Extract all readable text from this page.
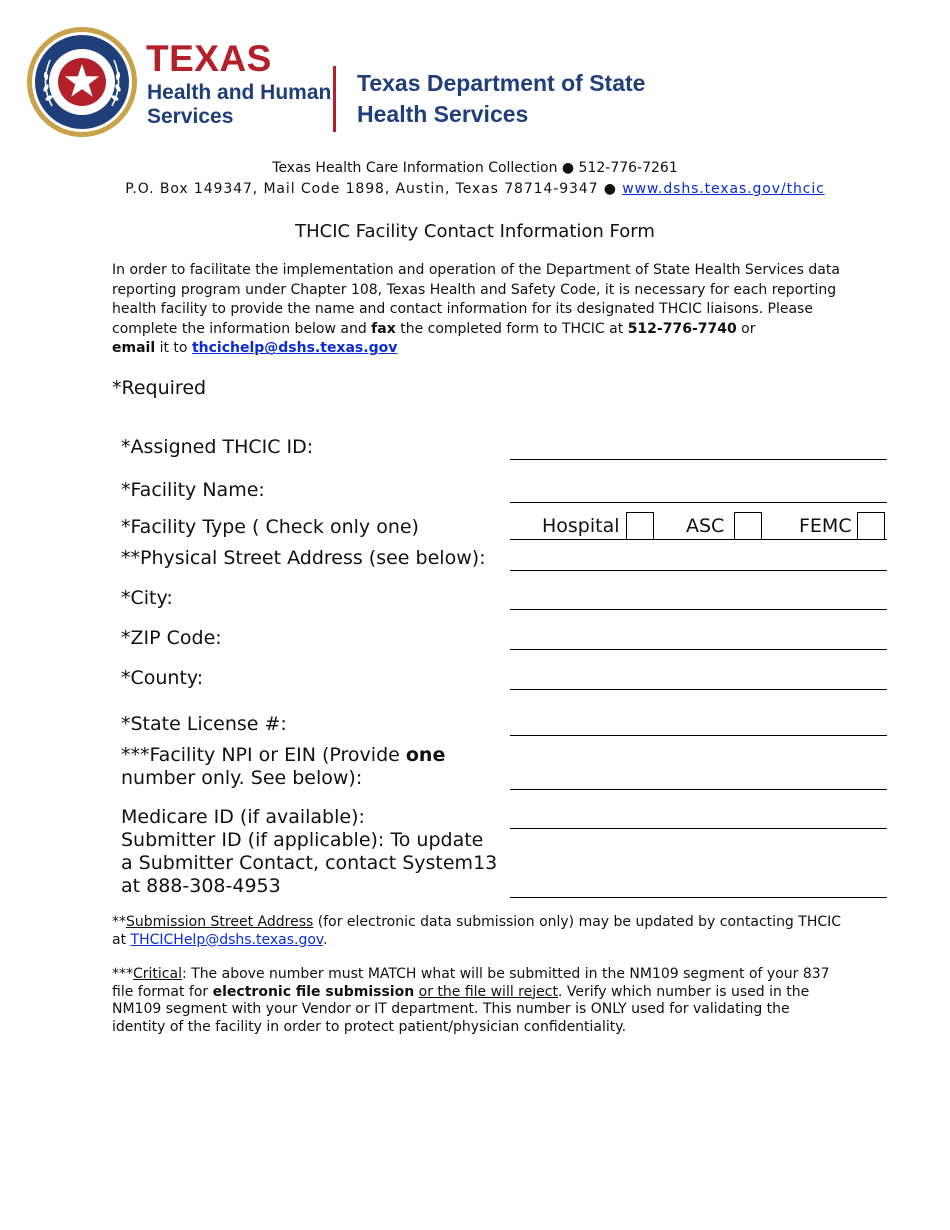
TEXAS
Health and Human
Services
Texas Department of State
Health Services
Texas Health Care Information Collection ● 512-776-7261
P.O. Box 149347, Mail Code 1898, Austin, Texas 78714-9347 ● www.dshs.texas.gov/thcic
THCIC Facility Contact Information Form
In order to facilitate the implementation and operation of the Department of State Health Services data reporting program under Chapter 108, Texas Health and Safety Code, it is necessary for each reporting health facility to provide the name and contact information for its designated THCIC liaisons. Please complete the information below and fax the completed form to THCIC at 512-776-7740 or
email it to thcichelp@dshs.texas.gov
*Required
*Assigned THCIC ID:
*Facility Name:
*Facility Type ( Check only one)	Hospital	ASC	FEMC
**Physical Street Address (see below):
*City:
*ZIP Code:
*County:
*State License #:
***Facility NPI or EIN (Provide one
number only. See below):
Medicare ID (if available):
Submitter ID (if applicable): To update
a Submitter Contact, contact System13
at 888-308-4953
**Submission Street Address (for electronic data submission only) may be updated by contacting THCIC at THCICHelp@dshs.texas.gov.
***Critical: The above number must MATCH what will be submitted in the NM109 segment of your 837 file format for electronic file submission or the file will reject. Verify which number is used in the NM109 segment with your Vendor or IT department. This number is ONLY used for validating the identity of the facility in order to protect patient/physician confidentiality.
